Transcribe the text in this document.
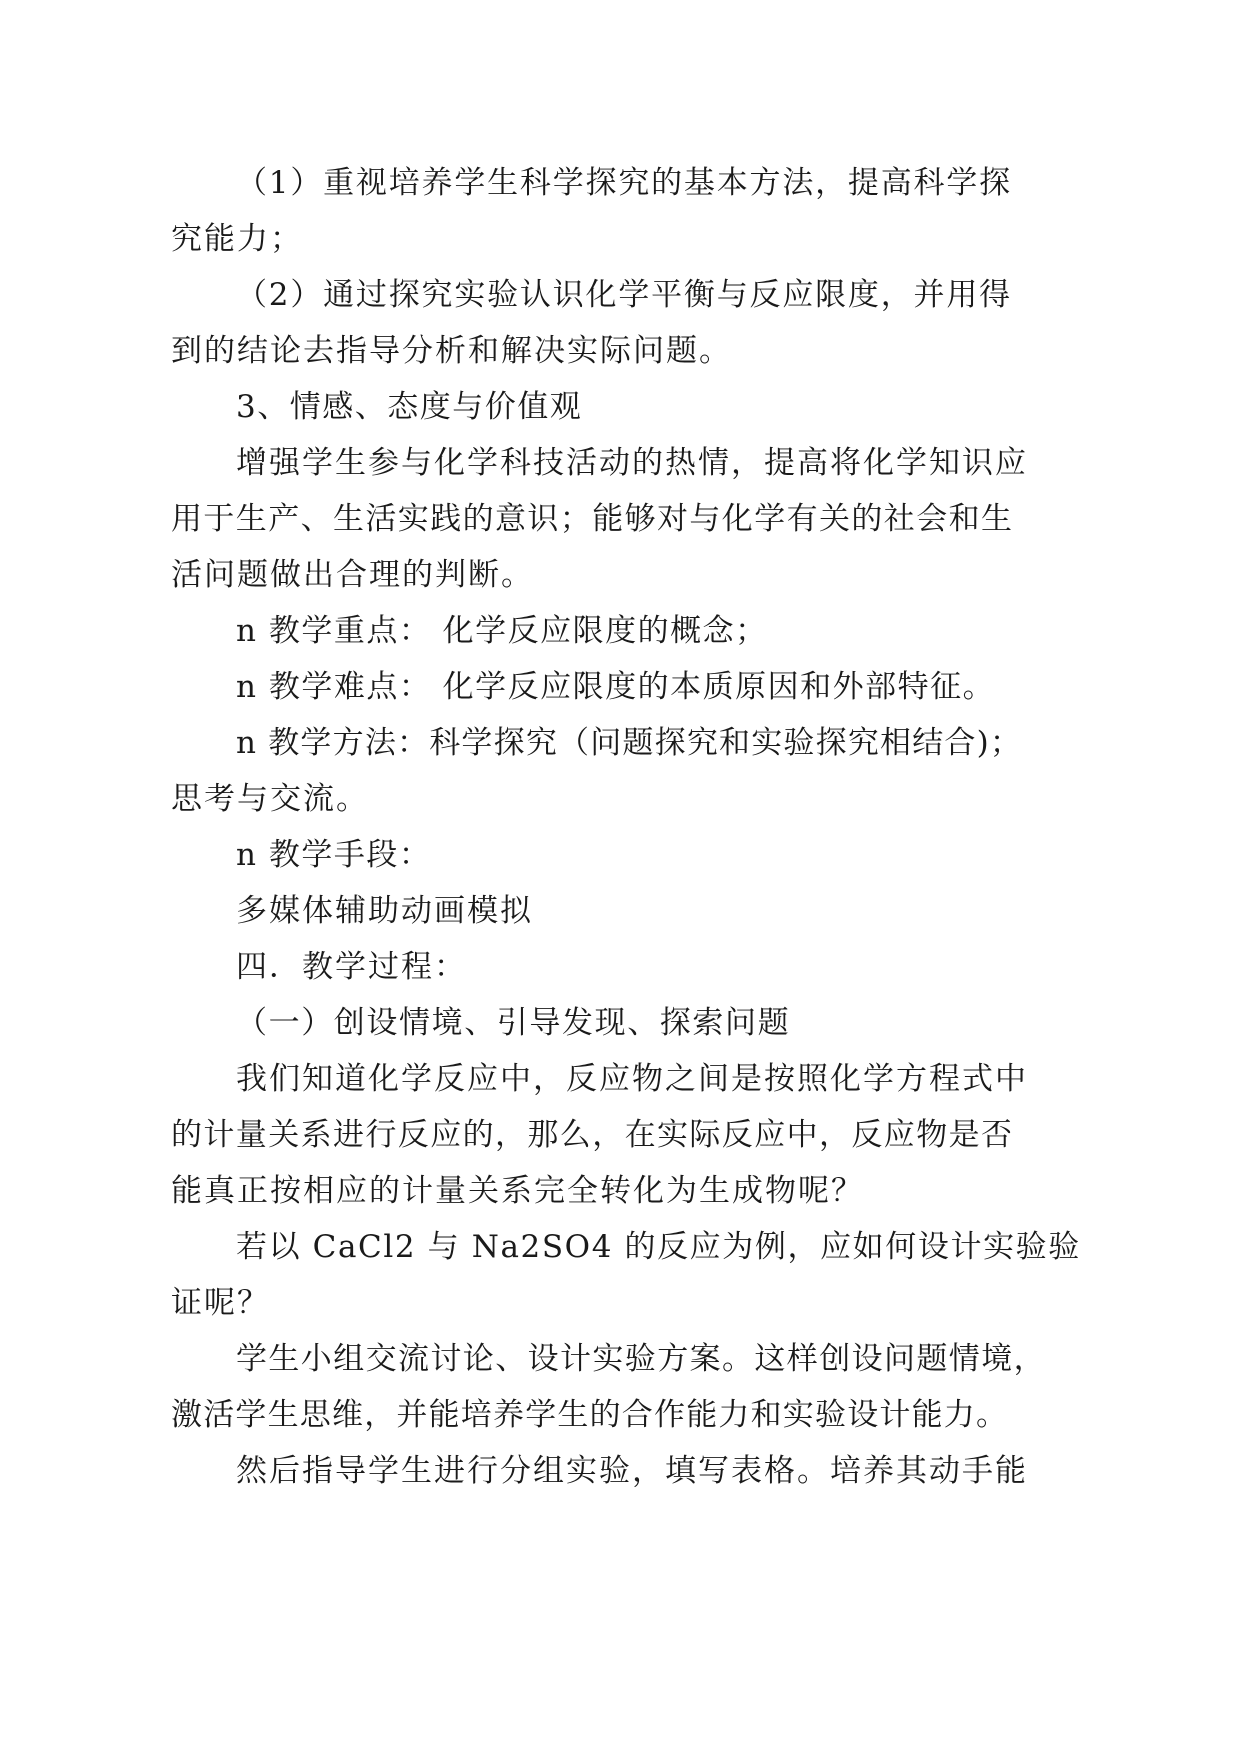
（1）重视培养学生科学探究的基本方法，提高科学探
究能力；
（2）通过探究实验认识化学平衡与反应限度，并用得
到的结论去指导分析和解决实际问题。
3、情感、态度与价值观
增强学生参与化学科技活动的热情，提高将化学知识应
用于生产、生活实践的意识；能够对与化学有关的社会和生
活问题做出合理的判断。
n 教学重点： 化学反应限度的概念；
n 教学难点： 化学反应限度的本质原因和外部特征。
n 教学方法：科学探究（问题探究和实验探究相结合)；
思考与交流。
n 教学手段：
多媒体辅助动画模拟
四．教学过程：
（一）创设情境、引导发现、探索问题
我们知道化学反应中，反应物之间是按照化学方程式中
的计量关系进行反应的，那么，在实际反应中，反应物是否
能真正按相应的计量关系完全转化为生成物呢？
若以 CaCl2 与 Na2SO4 的反应为例，应如何设计实验验
证呢？
学生小组交流讨论、设计实验方案。这样创设问题情境，
激活学生思维，并能培养学生的合作能力和实验设计能力。
然后指导学生进行分组实验，填写表格。培养其动手能
